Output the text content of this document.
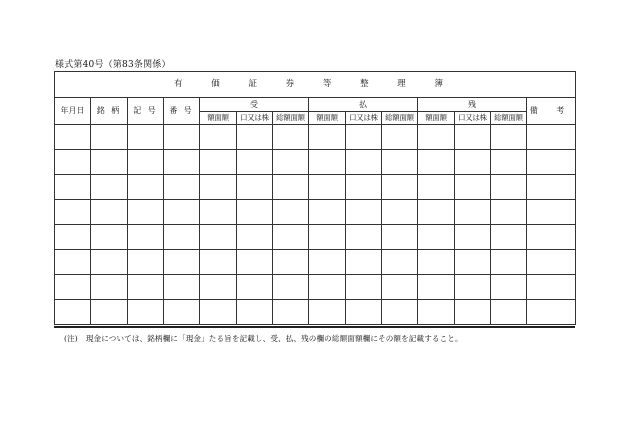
様式第40号（第83条関係）
有 価 証 券 等 整 理 簿													
年月日	銘 柄	記 号	番 号	受			払			残			備 考
				額面額	口又は株	総額面額	額面額	口又は株	総額面額	額面額	口又は株	総額面額	

(注) 現金については、銘柄欄に「現金」たる旨を記載し、受、払、残の欄の総額面額欄にその額を記載すること。
